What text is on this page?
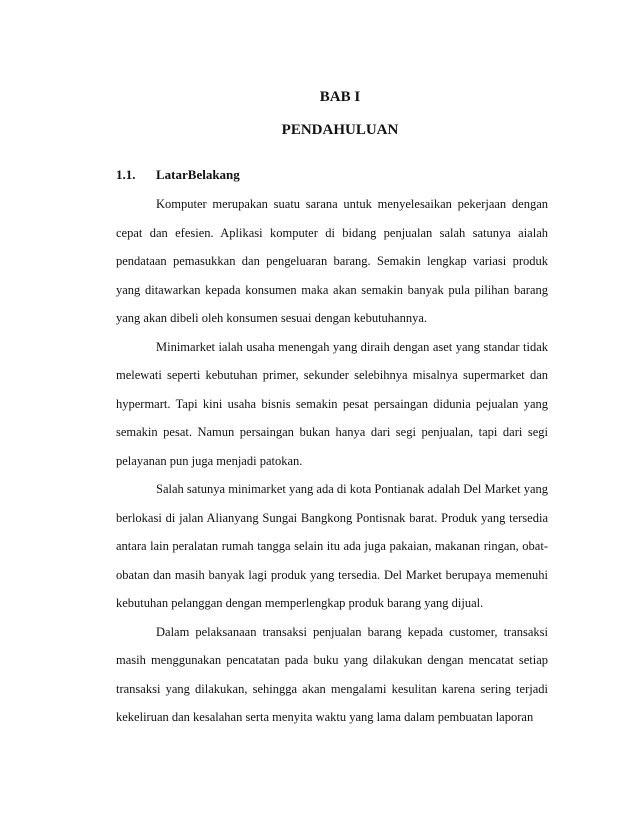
BAB I
PENDAHULUAN
1.1. LatarBelakang

Komputer merupakan suatu sarana untuk menyelesaikan pekerjaan dengan cepat dan efesien. Aplikasi komputer di bidang penjualan salah satunya aialah pendataan pemasukkan dan pengeluaran barang. Semakin lengkap variasi produk yang ditawarkan kepada konsumen maka akan semakin banyak pula pilihan barang yang akan dibeli oleh konsumen sesuai dengan kebutuhannya.

Minimarket ialah usaha menengah yang diraih dengan aset yang standar tidak melewati seperti kebutuhan primer, sekunder selebihnya misalnya supermarket dan hypermart. Tapi kini usaha bisnis semakin pesat persaingan didunia pejualan yang semakin pesat. Namun persaingan bukan hanya dari segi penjualan, tapi dari segi pelayanan pun juga menjadi patokan.

Salah satunya minimarket yang ada di kota Pontianak adalah Del Market yang berlokasi di jalan Alianyang Sungai Bangkong Pontisnak barat. Produk yang tersedia antara lain peralatan rumah tangga selain itu ada juga pakaian, makanan ringan, obat-obatan dan masih banyak lagi produk yang tersedia. Del Market berupaya memenuhi kebutuhan pelanggan dengan memperlengkap produk barang yang dijual.

Dalam pelaksanaan transaksi penjualan barang kepada customer, transaksi masih menggunakan pencatatan pada buku yang dilakukan dengan mencatat setiap transaksi yang dilakukan, sehingga akan mengalami kesulitan karena sering terjadi kekeliruan dan kesalahan serta menyita waktu yang lama dalam pembuatan laporan
